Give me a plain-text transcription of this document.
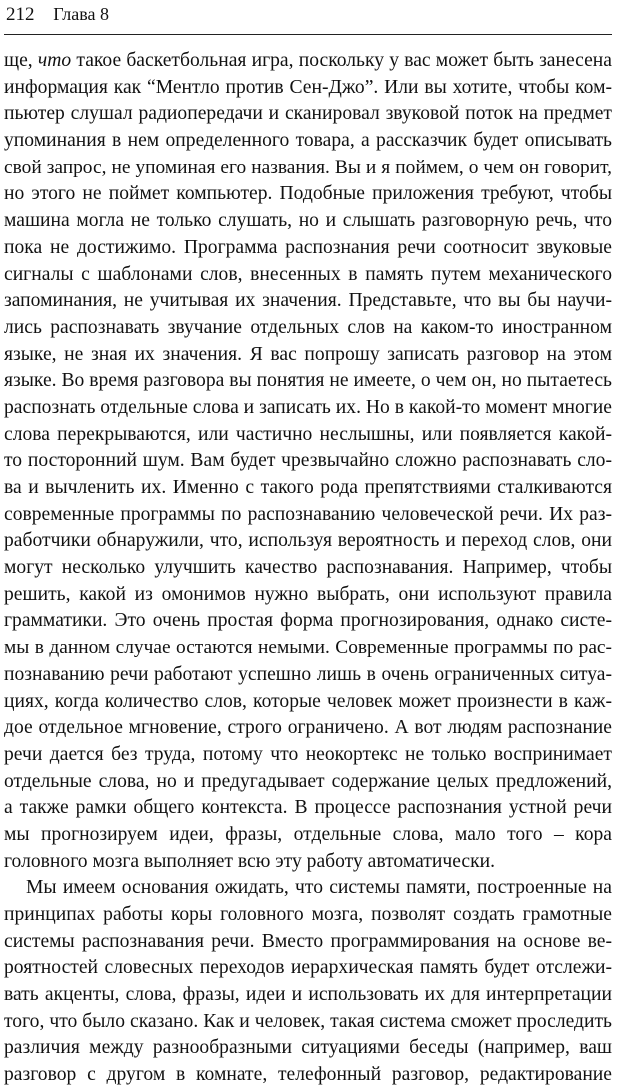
212 Глава 8
щe, что такое баскетбольная игра, поскольку у вас может быть занесена
информация как “Ментло против Сен-Джо”. Или вы хотите, чтобы ком-
пьютер слушал радиопередачи и сканировал звуковой поток на предмет
упоминания в нем определенного товара, а рассказчик будет описывать
свой запрос, не упоминая его названия. Вы и я поймем, о чем он говорит,
но этого не поймет компьютер. Подобные приложения требуют, чтобы
машина могла не только слушать, но и слышать разговорную речь, что
пока не достижимо. Программа распознания речи соотносит звуковые
сигналы с шаблонами слов, внесенных в память путем механического
запоминания, не учитывая их значения. Представьте, что вы бы научи-
лись распознавать звучание отдельных слов на каком-то иностранном
языке, не зная их значения. Я вас попрошу записать разговор на этом
языке. Во время разговора вы понятия не имеете, о чем он, но пытаетесь
распознать отдельные слова и записать их. Но в какой-то момент многие
слова перекрываются, или частично неслышны, или появляется какой-
то посторонний шум. Вам будет чрезвычайно сложно распознавать сло-
ва и вычленить их. Именно с такого рода препятствиями сталкиваются
современные программы по распознаванию человеческой речи. Их раз-
работчики обнаружили, что, используя вероятность и переход слов, они
могут несколько улучшить качество распознавания. Например, чтобы
решить, какой из омонимов нужно выбрать, они используют правила
грамматики. Это очень простая форма прогнозирования, однако систе-
мы в данном случае остаются немыми. Современные программы по рас-
познаванию речи работают успешно лишь в очень ограниченных ситуа-
циях, когда количество слов, которые человек может произнести в каж-
дое отдельное мгновение, строго ограничено. А вот людям распознание
речи дается без труда, потому что неокортекс не только воспринимает
отдельные слова, но и предугадывает содержание целых предложений,
а также рамки общего контекста. В процессе распознания устной речи
мы прогнозируем идеи, фразы, отдельные слова, мало того – кора
головного мозга выполняет всю эту работу автоматически.
Мы имеем основания ожидать, что системы памяти, построенные на
принципах работы коры головного мозга, позволят создать грамотные
системы распознавания речи. Вместо программирования на основе ве-
роятностей словесных переходов иерархическая память будет отслежи-
вать акценты, слова, фразы, идеи и использовать их для интерпретации
того, что было сказано. Как и человек, такая система сможет проследить
различия между разнообразными ситуациями беседы (например, ваш
разговор с другом в комнате, телефонный разговор, редактирование
